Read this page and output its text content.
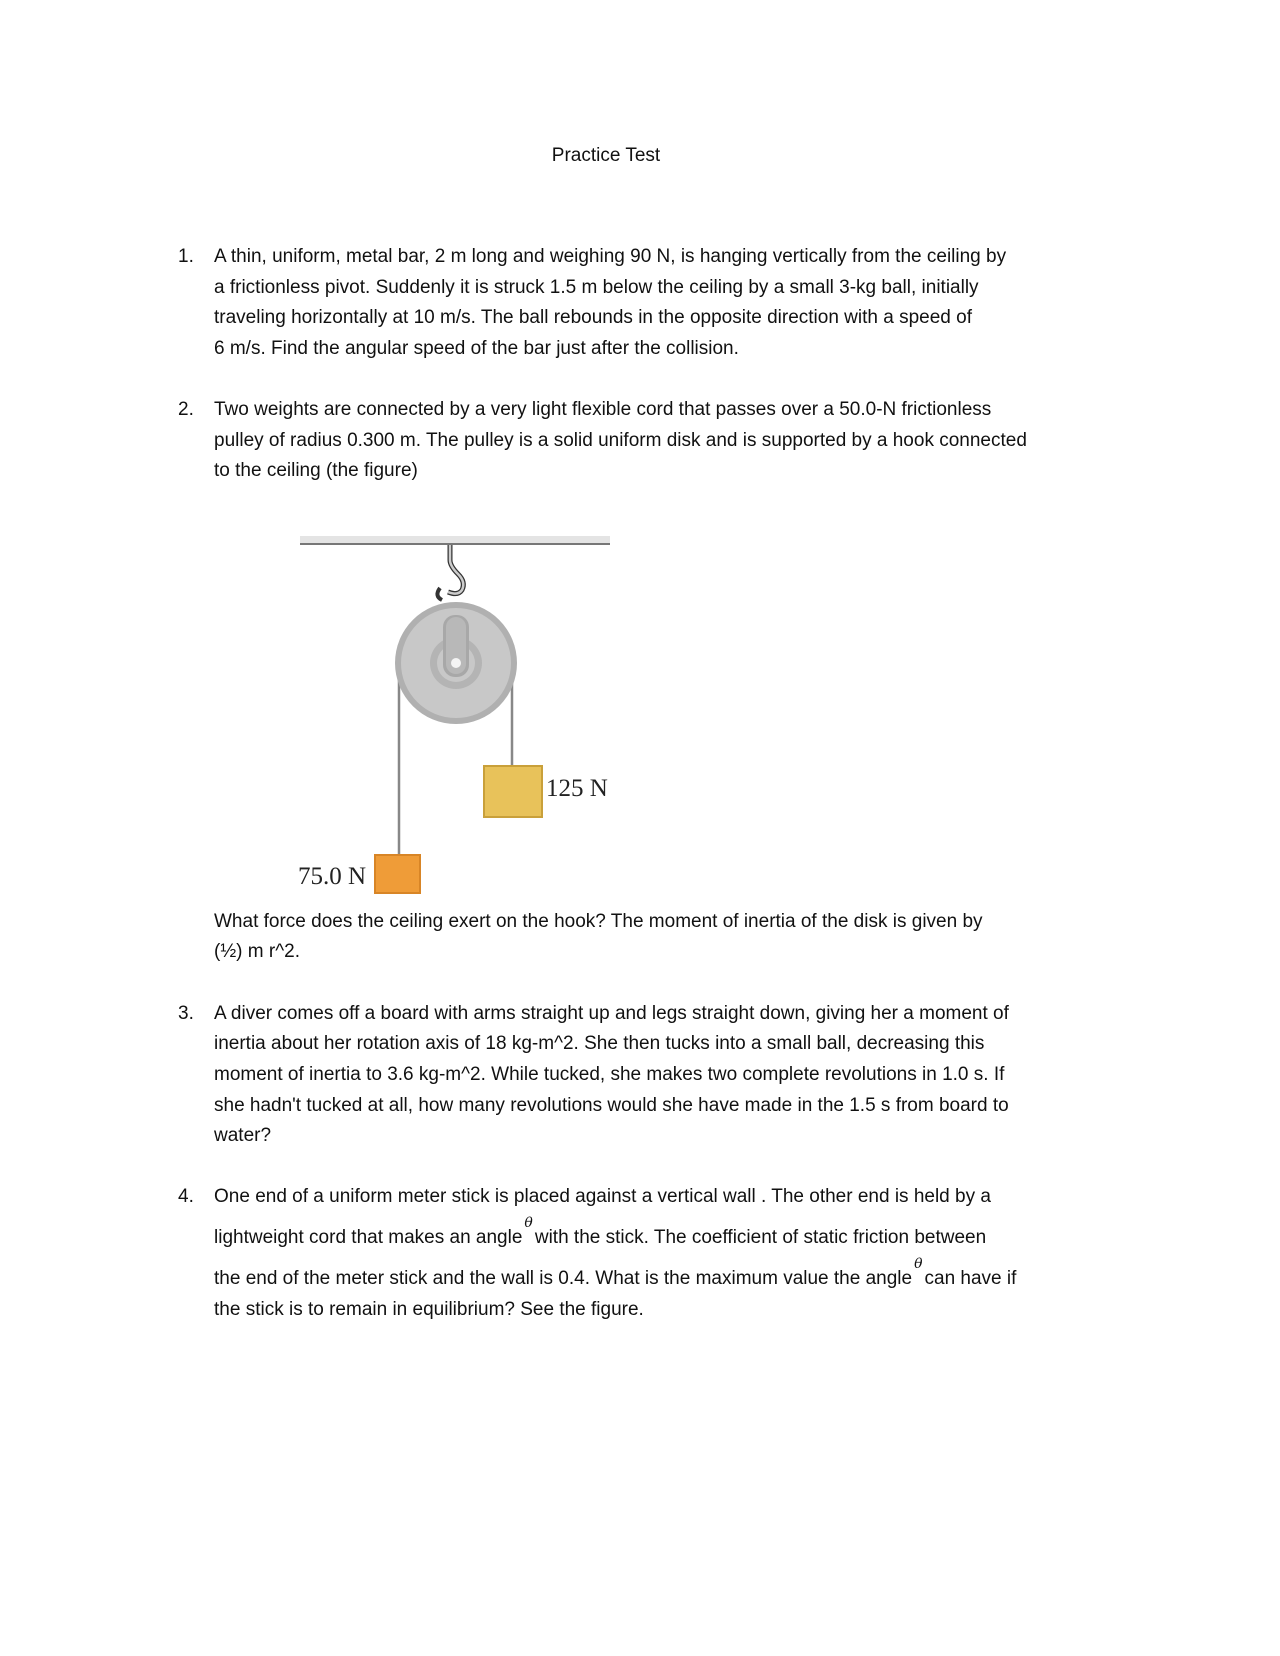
Practice Test
1. A thin, uniform, metal bar, 2 m long and weighing 90 N, is hanging vertically from the ceiling by
a frictionless pivot. Suddenly it is struck 1.5 m below the ceiling by a small 3-kg ball, initially
traveling horizontally at 10 m/s. The ball rebounds in the opposite direction with a speed of
6 m/s. Find the angular speed of the bar just after the collision.
2. Two weights are connected by a very light flexible cord that passes over a 50.0-N frictionless
pulley of radius 0.300 m. The pulley is a solid uniform disk and is supported by a hook connected
to the ceiling (the figure)
125 N
75.0 N
What force does the ceiling exert on the hook? The moment of inertia of the disk is given by
(½) m r^2.
3. A diver comes off a board with arms straight up and legs straight down, giving her a moment of
inertia about her rotation axis of 18 kg-m^2. She then tucks into a small ball, decreasing this
moment of inertia to 3.6 kg-m^2. While tucked, she makes two complete revolutions in 1.0 s. If
she hadn't tucked at all, how many revolutions would she have made in the 1.5 s from board to
water?
4. One end of a uniform meter stick is placed against a vertical wall . The other end is held by a
lightweight cord that makes an angle$^\theta$with the stick. The coefficient of static friction between
the end of the meter stick and the wall is 0.4. What is the maximum value the angle$^\theta$can have if
the stick is to remain in equilibrium? See the figure.
